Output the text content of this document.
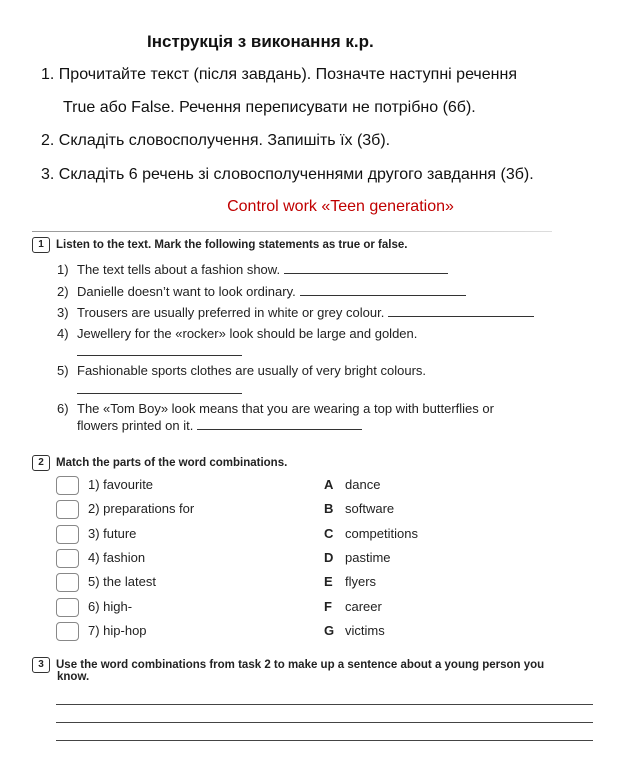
Інструкція з виконання к.р.
1. Прочитайте текст (після завдань). Позначте наступні речення
True або False. Речення переписувати не потрібно (6б).
2. Складіть словосполучення. Запишіть їх (3б).
3. Складіть 6 речень зі словосполученнями другого завдання (3б).
Control work «Teen generation»
1 Listen to the text. Mark the following statements as true or false.
1) The text tells about a fashion show.
2) Danielle doesn’t want to look ordinary.
3) Trousers are usually preferred in white or grey colour.
4) Jewellery for the «rocker» look should be large and golden.
5) Fashionable sports clothes are usually of very bright colours.
6) The «Tom Boy» look means that you are wearing a top with butterflies or
flowers printed on it.
2 Match the parts of the word combinations.
1) favourite	A dance
2) preparations for	B software
3) future	C competitions
4) fashion	D pastime
5) the latest	E flyers
6) high-	F career
7) hip-hop	G victims
3 Use the word combinations from task 2 to make up a sentence about a young person you
know.
